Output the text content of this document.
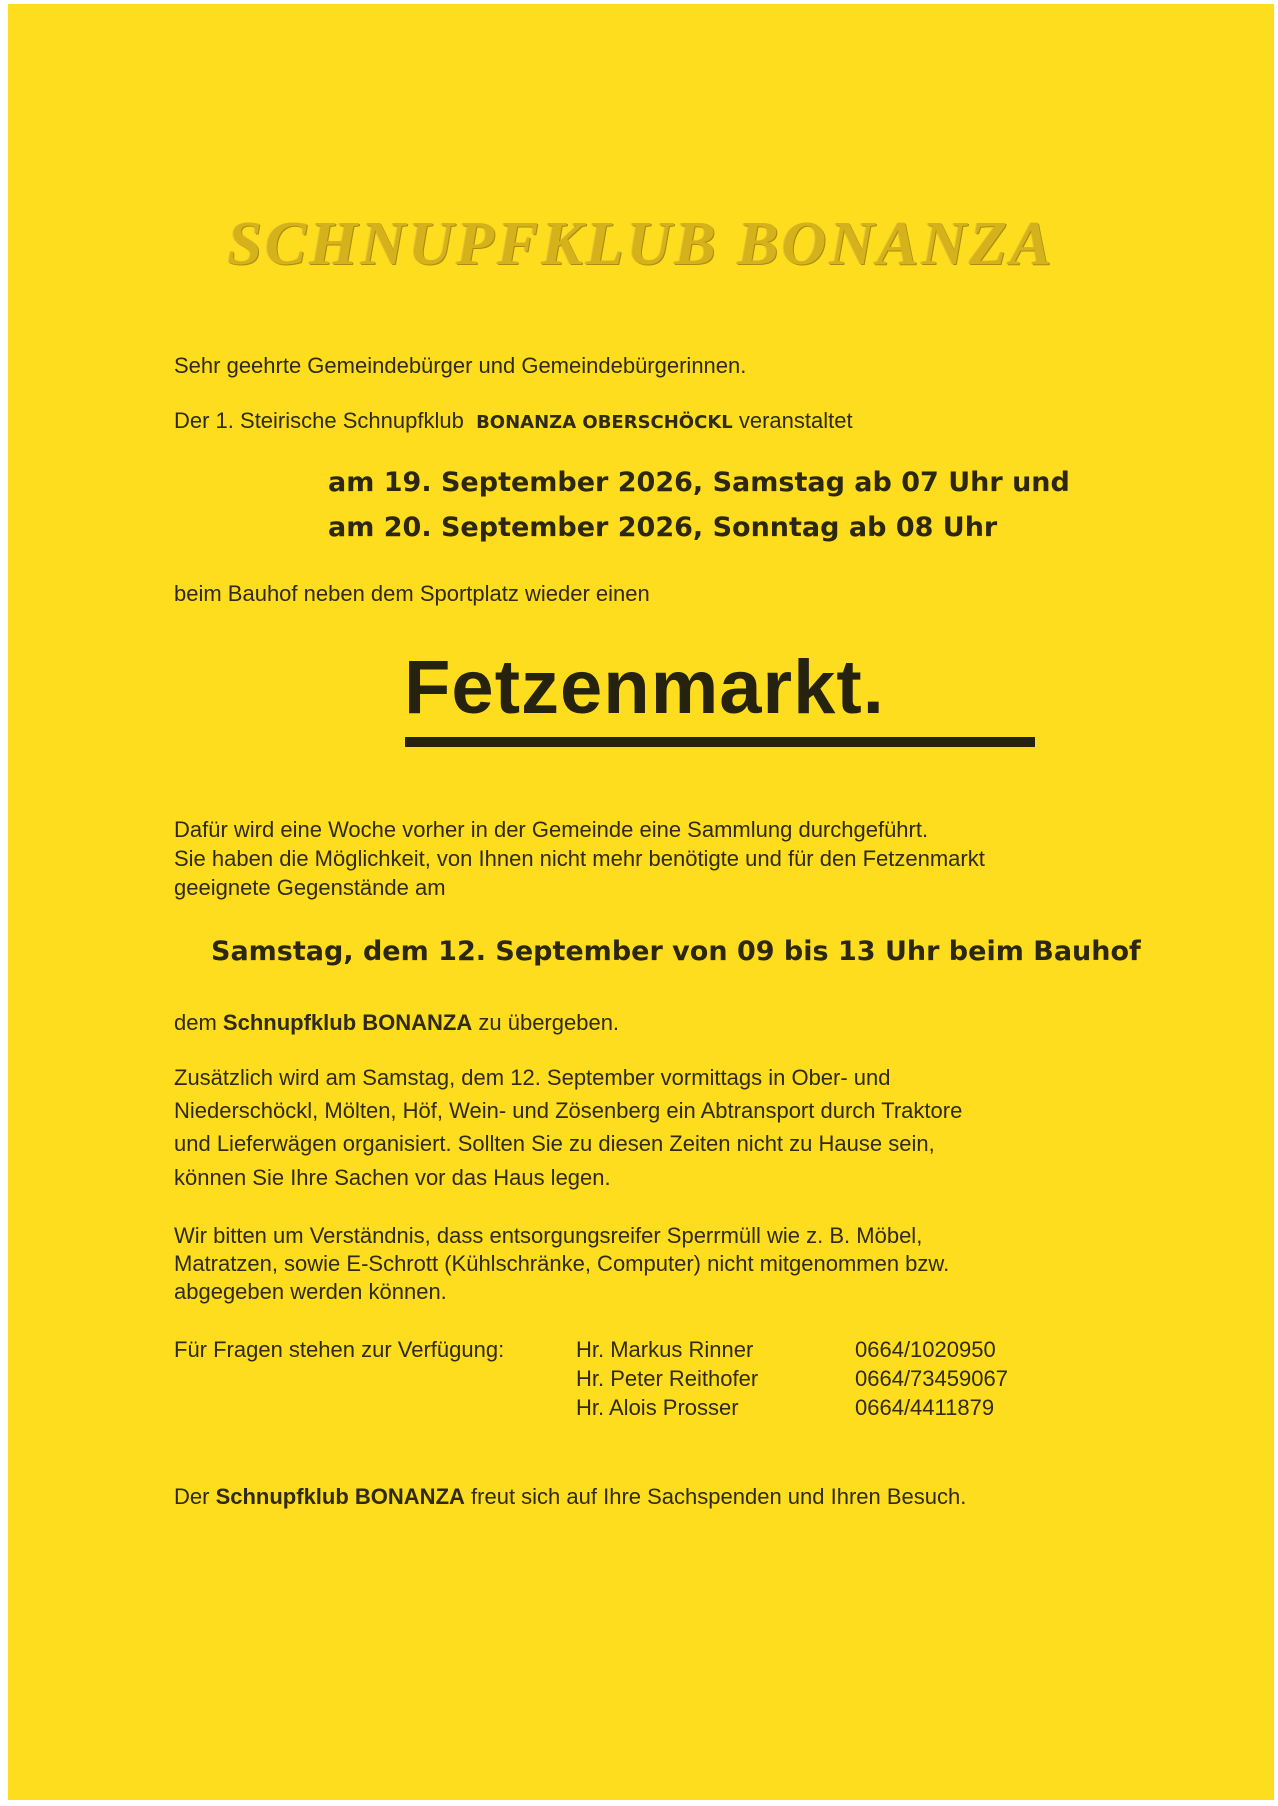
SCHNUPFKLUB BONANZA
Sehr geehrte Gemeindebürger und Gemeindebürgerinnen.
Der 1. Steirische Schnupfklub BONANZA OBERSCHÖCKL veranstaltet
am 19. September 2026, Samstag ab 07 Uhr und
am 20. September 2026, Sonntag ab 08 Uhr
beim Bauhof neben dem Sportplatz wieder einen
Fetzenmarkt.
Dafür wird eine Woche vorher in der Gemeinde eine Sammlung durchgeführt.
Sie haben die Möglichkeit, von Ihnen nicht mehr benötigte und für den Fetzenmarkt
geeignete Gegenstände am
Samstag, dem 12. September von 09 bis 13 Uhr beim Bauhof
dem Schnupfklub BONANZA zu übergeben.
Zusätzlich wird am Samstag, dem 12. September vormittags in Ober- und
Niederschöckl, Mölten, Höf, Wein- und Zösenberg ein Abtransport durch Traktore
und Lieferwägen organisiert. Sollten Sie zu diesen Zeiten nicht zu Hause sein,
können Sie Ihre Sachen vor das Haus legen.
Wir bitten um Verständnis, dass entsorgungsreifer Sperrmüll wie z. B. Möbel,
Matratzen, sowie E-Schrott (Kühlschränke, Computer) nicht mitgenommen bzw.
abgegeben werden können.
Für Fragen stehen zur Verfügung:	Hr. Markus Rinner	0664/1020950
Hr. Peter Reithofer	0664/73459067
Hr. Alois Prosser	0664/4411879
Der Schnupfklub BONANZA freut sich auf Ihre Sachspenden und Ihren Besuch.
